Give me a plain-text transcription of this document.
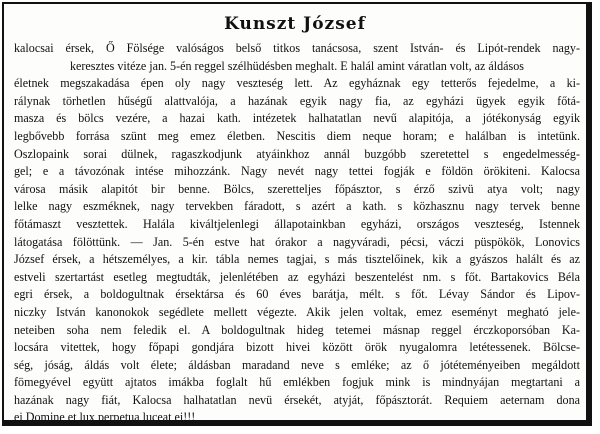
Kunszt József
kalocsai érsek, Ő Fölsége valóságos belső titkos tanácsosa, szent István- és Lipót-rendek nagy-
keresztes vitéze jan. 5-én reggel szélhüdésben meghalt. E halál amint váratlan volt, az áldásos
életnek megszakadása épen oly nagy veszteség lett. Az egyháznak egy tetterős fejedelme, a ki-
rálynak törhetlen hűségű alattvalója, a hazának egyik nagy fia, az egyházi ügyek egyik főtá-
masza és bölcs vezére, a hazai kath. intézetek halhatatlan nevű alapitója, a jótékonyság egyik
legbővebb forrása szünt meg emez életben. Nescitis diem neque horam; e halálban is intetünk.
Oszlopaink sorai dülnek, ragaszkodjunk atyáinkhoz annál buzgóbb szeretettel s engedelmesség-
gel; e a távozónak intése mihozzánk. Nagy nevét nagy tettei fogják e földön örökiteni. Kalocsa
városa másik alapitót bir benne. Bölcs, szeretteljes főpásztor, s érző szivü atya volt; nagy
lelke nagy eszméknek, nagy tervekben fáradott, s azért a kath. s közhasznu nagy tervek benne
főtámaszt vesztettek. Halála kiváltjelenlegi állapotainkban egyházi, országos veszteség, Istennek
látogatása fölöttünk. — Jan. 5-én estve hat órakor a nagyváradi, pécsi, váczi püspökök, Lonovics
József érsek, a hétszemélyes, a kir. tábla nemes tagjai, s más tisztelőinek, kik a gyászos halált és az
estveli szertartást esetleg megtudták, jelenlétében az egyházi beszentelést nm. s főt. Bartakovics Béla
egri érsek, a boldogultnak érsektársa és 60 éves barátja, mélt. s főt. Lévay Sándor és Lipov-
niczky István kanonokok segédlete mellett végezte. Akik jelen voltak, emez eseményt megható jele-
neteiben soha nem feledik el. A boldogultnak hideg tetemei másnap reggel érczkoporsóban Ka-
locsára vitettek, hogy főpapi gondjára bizott hivei között örök nyugalomra letétessenek. Bölcse-
ség, jóság, áldás volt élete; áldásban maradand neve s emléke; az ő jótéteményeiben megáldott
fömegyével együtt ajtatos imákba foglalt hű emlékben fogjuk mink is mindnyájan megtartani a
hazának nagy fiát, Kalocsa halhatatlan nevü érsekét, atyját, főpásztorát. Requiem aeternam dona
ei Domine et lux perpetua luceat ei!!!
